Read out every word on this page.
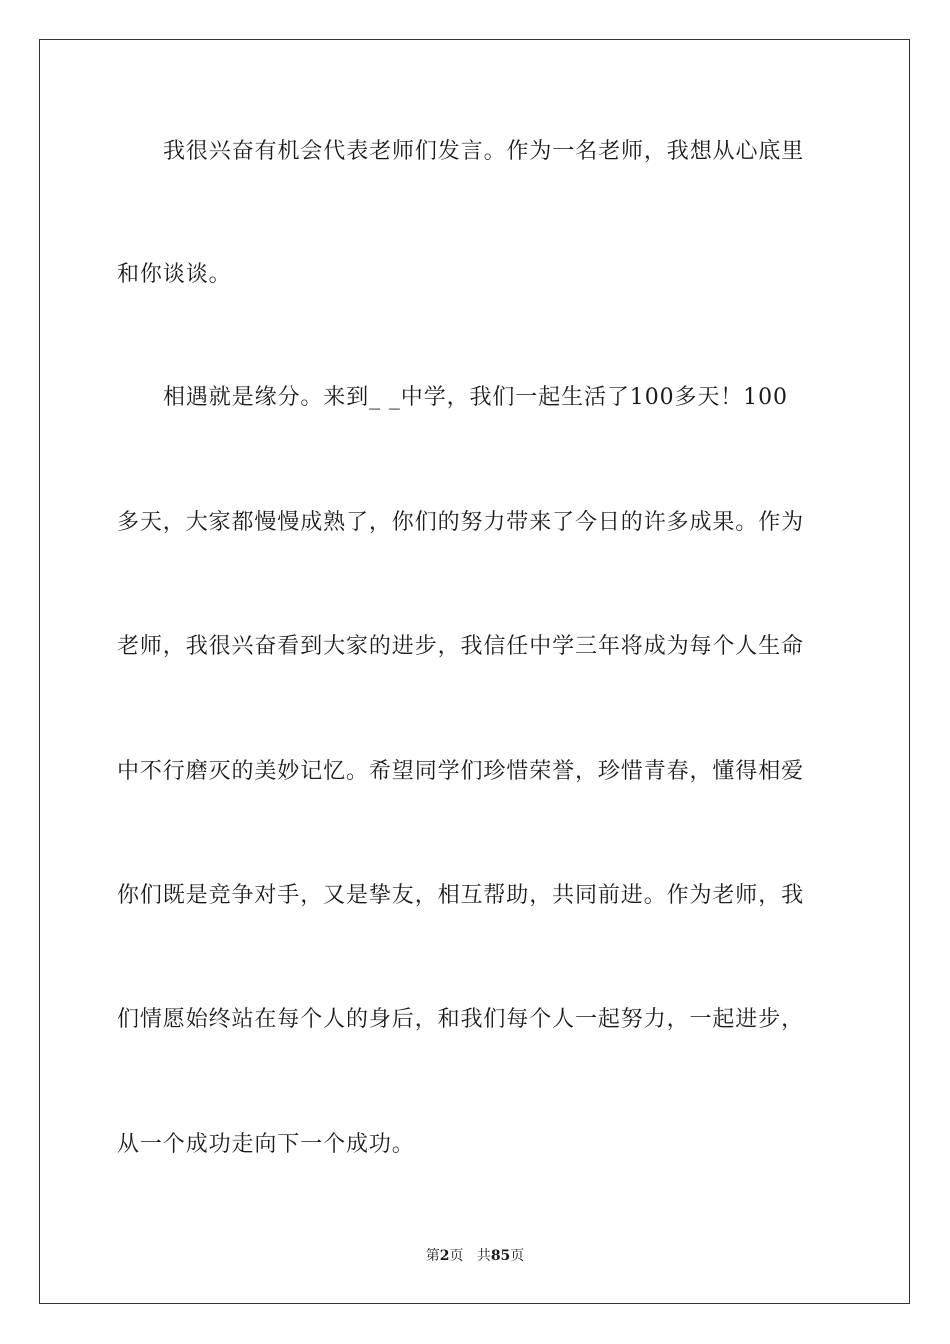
我很兴奋有机会代表老师们发言。作为一名老师，我想从心底里
和你谈谈。
相遇就是缘分。来到_ _中学，我们一起生活了100多天！100
多天，大家都慢慢成熟了，你们的努力带来了今日的许多成果。作为
老师，我很兴奋看到大家的进步，我信任中学三年将成为每个人生命
中不行磨灭的美妙记忆。希望同学们珍惜荣誉，珍惜青春，懂得相爱
你们既是竞争对手，又是挚友，相互帮助，共同前进。作为老师，我
们情愿始终站在每个人的身后，和我们每个人一起努力，一起进步，
从一个成功走向下一个成功。
第2页 共85页
